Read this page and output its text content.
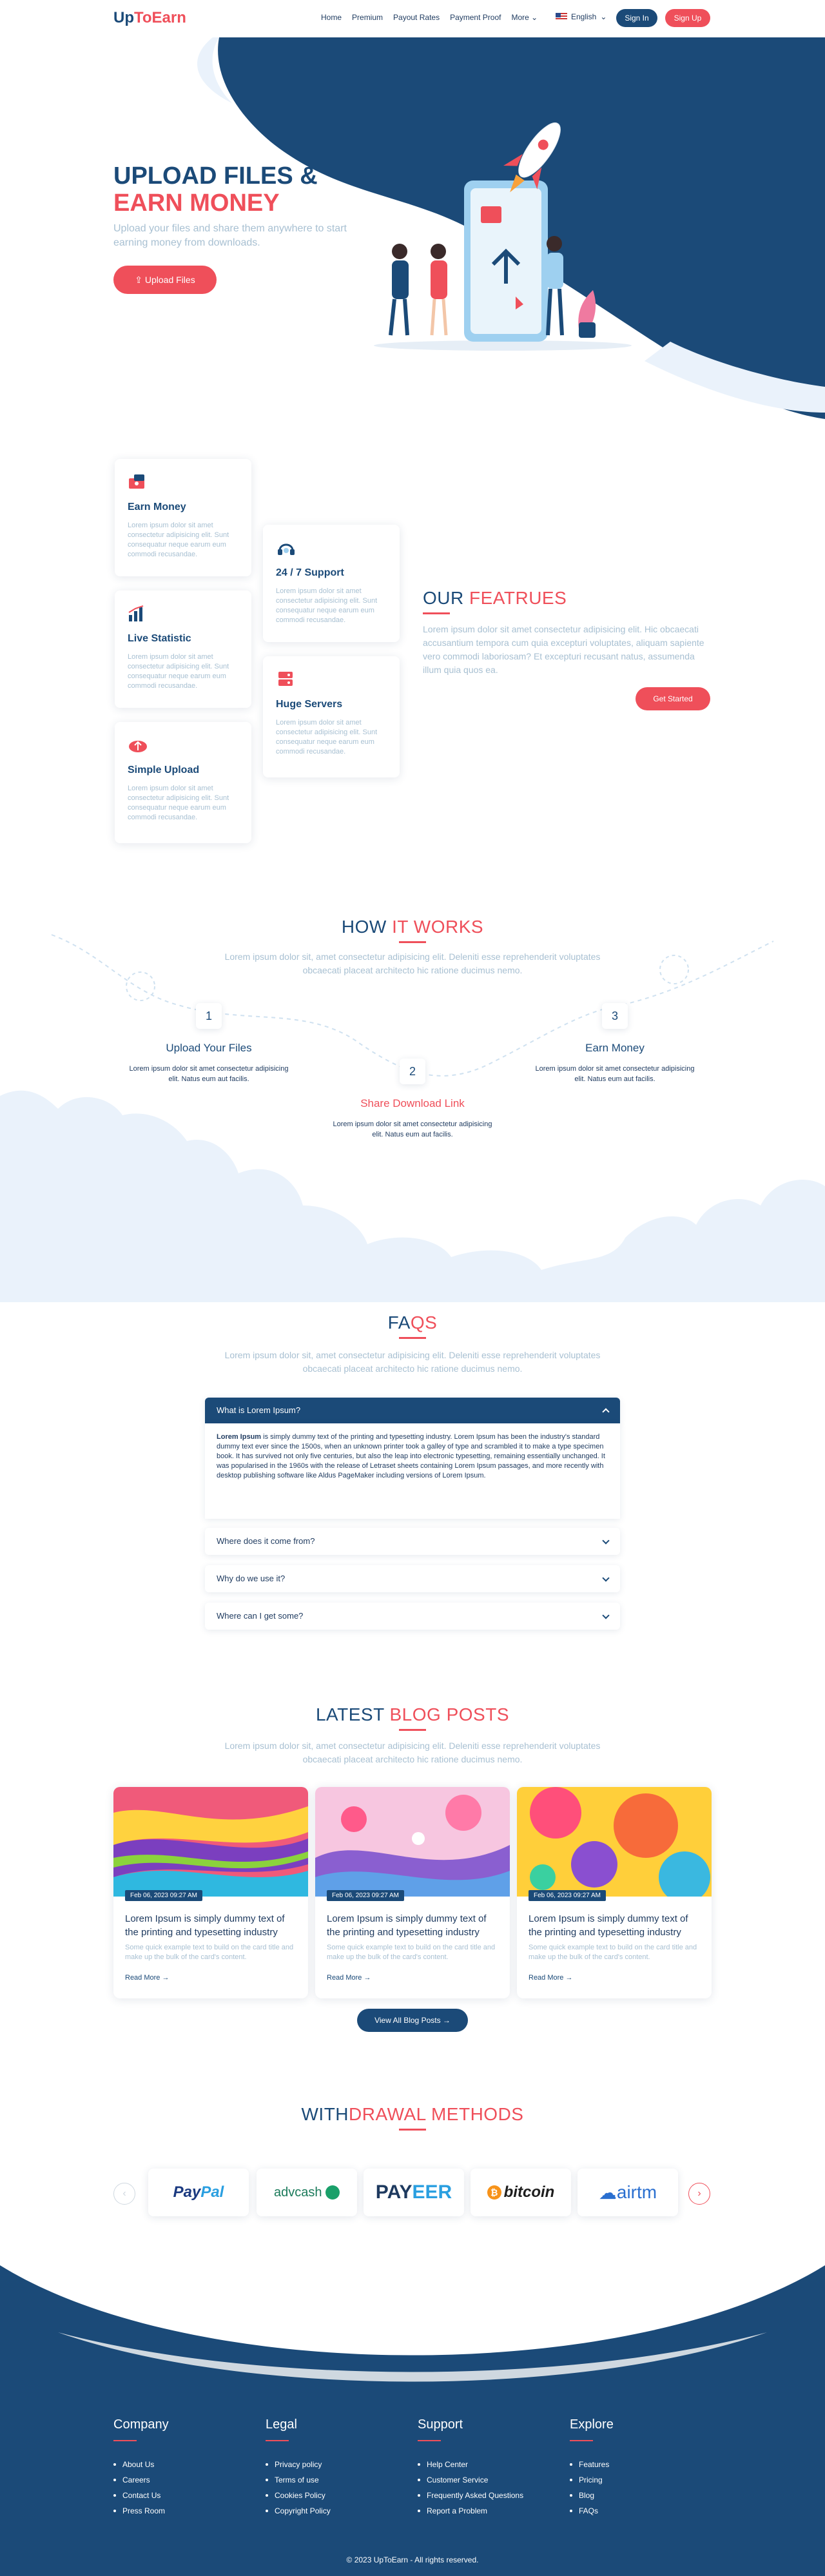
UpToEarn	Home Premium Payout Rates Payment Proof More ⌄	English ⌄	Sign In	Sign Up
UPLOAD FILES &
EARN MONEY
Upload your files and share them anywhere to start earning money from downloads.
⇪ Upload Files
Earn Money

Lorem ipsum dolor sit amet consectetur adipisicing elit. Sunt consequatur neque earum eum commodi recusandae.

Live Statistic

Lorem ipsum dolor sit amet consectetur adipisicing elit. Sunt consequatur neque earum eum commodi recusandae.

Simple Upload

Lorem ipsum dolor sit amet consectetur adipisicing elit. Sunt consequatur neque earum eum commodi recusandae.

24 / 7 Support

Lorem ipsum dolor sit amet consectetur adipisicing elit. Sunt consequatur neque earum eum commodi recusandae.

Huge Servers

Lorem ipsum dolor sit amet consectetur adipisicing elit. Sunt consequatur neque earum eum commodi recusandae.

OUR FEATRUES
Lorem ipsum dolor sit amet consectetur adipisicing elit. Hic obcaecati accusantium tempora cum quia excepturi voluptates, aliquam sapiente vero commodi laboriosam? Et excepturi recusant natus, assumenda illum quia quos ea.
Get Started
HOW IT WORKS
Lorem ipsum dolor sit, amet consectetur adipisicing elit. Deleniti esse reprehenderit voluptates obcaecati placeat architecto hic ratione ducimus nemo.
1
Upload Your Files
Lorem ipsum dolor sit amet consectetur adipisicing elit. Natus eum aut facilis.
2
Share Download Link
Lorem ipsum dolor sit amet consectetur adipisicing elit. Natus eum aut facilis.
3
Earn Money
Lorem ipsum dolor sit amet consectetur adipisicing elit. Natus eum aut facilis.
FAQS
Lorem ipsum dolor sit, amet consectetur adipisicing elit. Deleniti esse reprehenderit voluptates obcaecati placeat architecto hic ratione ducimus nemo.
What is Lorem Ipsum?
Lorem Ipsum is simply dummy text of the printing and typesetting industry. Lorem Ipsum has been the industry's standard dummy text ever since the 1500s, when an unknown printer took a galley of type and scrambled it to make a type specimen book. It has survived not only five centuries, but also the leap into electronic typesetting, remaining essentially unchanged. It was popularised in the 1960s with the release of Letraset sheets containing Lorem Ipsum passages, and more recently with desktop publishing software like Aldus PageMaker including versions of Lorem Ipsum.
Where does it come from?
Why do we use it?
Where can I get some?
LATEST BLOG POSTS
Lorem ipsum dolor sit, amet consectetur adipisicing elit. Deleniti esse reprehenderit voluptates obcaecati placeat architecto hic ratione ducimus nemo.
Feb 06, 2023 09:27 AM
Lorem Ipsum is simply dummy text of the printing and typesetting industry
Some quick example text to build on the card title and make up the bulk of the card's content.
Read More →
Feb 06, 2023 09:27 AM
Lorem Ipsum is simply dummy text of the printing and typesetting industry
Some quick example text to build on the card title and make up the bulk of the card's content.
Read More →
Feb 06, 2023 09:27 AM
Lorem Ipsum is simply dummy text of the printing and typesetting industry
Some quick example text to build on the card title and make up the bulk of the card's content.
Read More →
View All Blog Posts →
WITHDRAWAL METHODS
‹	Pay Pal	advcash
	PAY EER	₿ bitcoin ☁ airtm	›
Company
About Us
Careers
Contact Us
Press Room
Legal
Privacy policy
Terms of use
Cookies Policy
Copyright Policy
Support
Help Center
Customer Service
Frequently Asked Questions
Report a Problem
Explore
Features
Pricing
Blog
FAQs
© 2023 UpToEarn - All rights reserved.
